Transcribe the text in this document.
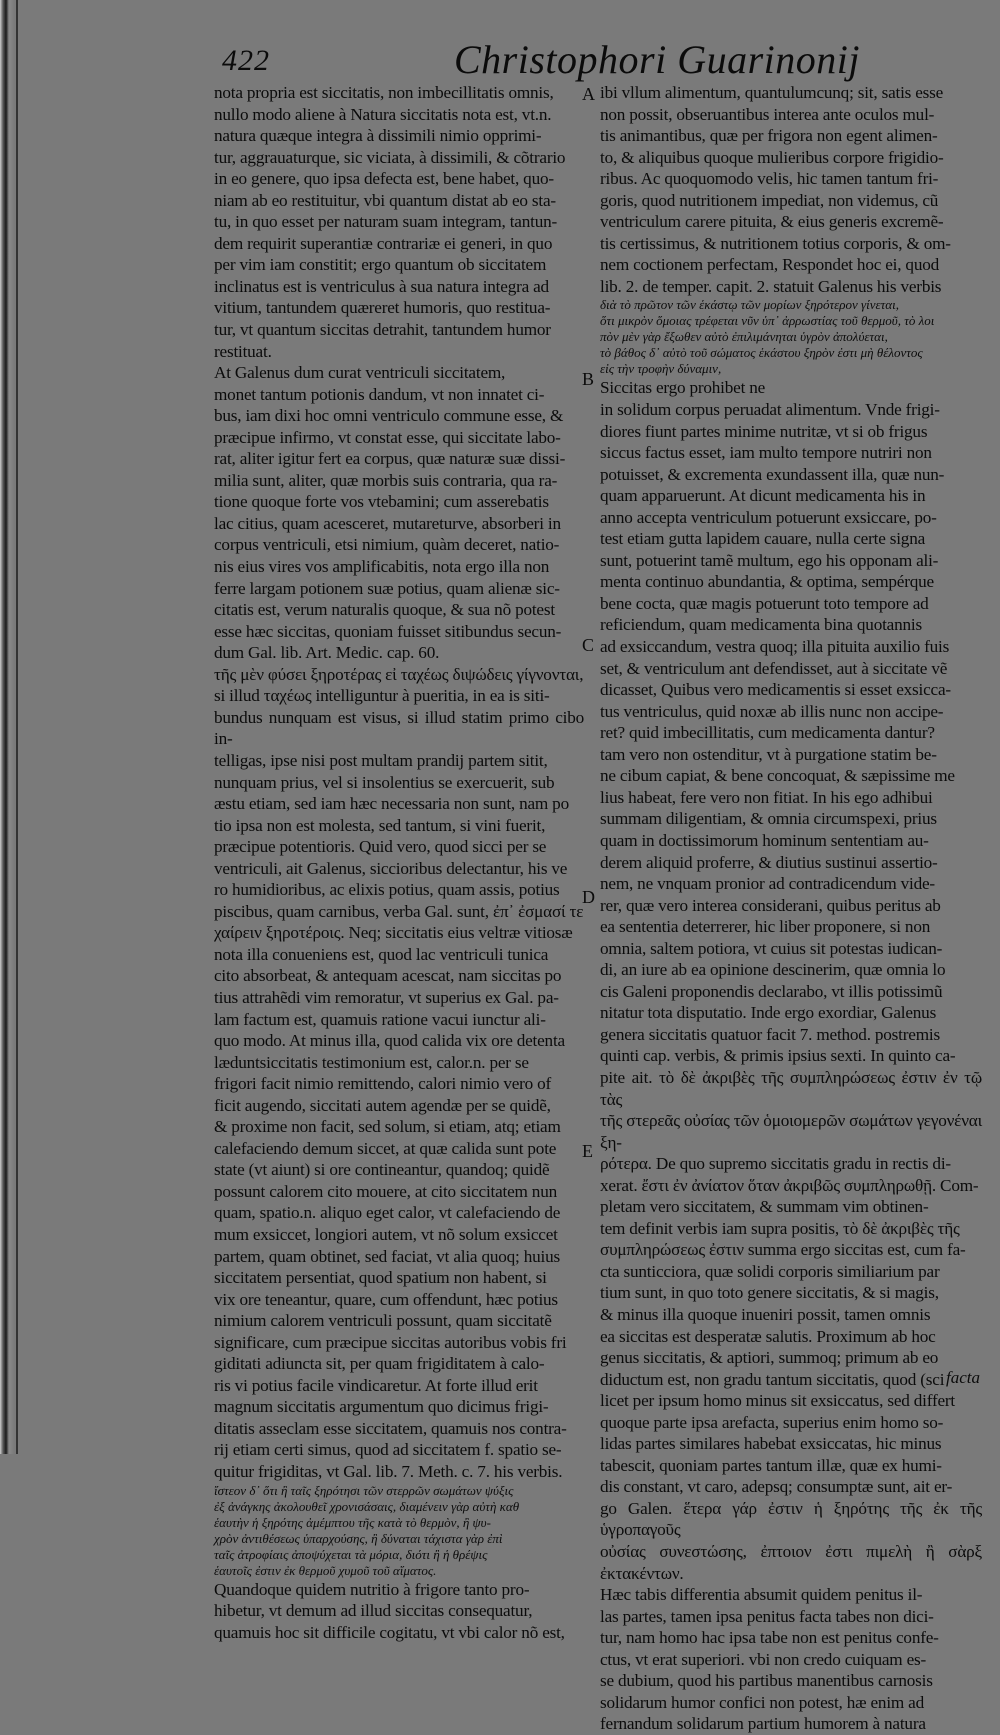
422	Christophori Guarinonij

nota propria est siccitatis, non imbecillitatis omnis,

nullo modo aliene à Natura siccitatis nota est, vt.n.

natura quæque integra à dissimili nimio opprimi-

tur, aggrauaturque, sic viciata, à dissimili, & cõtrario

in eo genere, quo ipsa defecta est, bene habet, quo-

niam ab eo restituitur, vbi quantum distat ab eo sta-

tu, in quo esset per naturam suam integram, tantun-

dem requirit superantiæ contrariæ ei generi, in quo

per vim iam constitit; ergo quantum ob siccitatem

inclinatus est is ventriculus à sua natura integra ad

vitium, tantundem quæreret humoris, quo restitua-

tur, vt quantum siccitas detrahit, tantundem humor

restituat.

At Galenus dum curat ventriculi siccitatem,

monet tantum potionis dandum, vt non innatet ci-

bus, iam dixi hoc omni ventriculo commune esse, &

præcipue infirmo, vt constat esse, qui siccitate labo-

rat, aliter igitur fert ea corpus, quæ naturæ suæ dissi-

milia sunt, aliter, quæ morbis suis contraria, qua ra-

tione quoque forte vos vtebamini; cum asserebatis

lac citius, quam acesceret, mutareturve, absorberi in

corpus ventriculi, etsi nimium, quàm deceret, natio-

nis eius vires vos amplificabitis, nota ergo illa non

ferre largam potionem suæ potius, quam alienæ sic-

citatis est, verum naturalis quoque, & sua nõ potest

esse hæc siccitas, quoniam fuisset sitibundus secun-

dum Gal. lib. Art. Medic. cap. 60.

τῆς μὲν φύσει ξηροτέρας εἰ ταχέως διψώδεις γίγνονται,

si illud ταχέως intelliguntur à pueritia, in ea is siti-

bundus nunquam est visus, si illud statim primo cibo in-

telligas, ipse nisi post multam prandij partem sitit,

nunquam prius, vel si insolentius se exercuerit, sub

æstu etiam, sed iam hæc necessaria non sunt, nam po

tio ipsa non est molesta, sed tantum, si vini fuerit,

præcipue potentioris. Quid vero, quod sicci per se

ventriculi, ait Galenus, siccioribus delectantur, his ve

ro humidioribus, ac elixis potius, quam assis, potius

piscibus, quam carnibus, verba Gal. sunt, ἐπ᾽ ἐσμασί τε

χαίρειν ξηροτέροις. Neq; siccitatis eius veltræ vitiosæ

nota illa conueniens est, quod lac ventriculi tunica

cito absorbeat, & antequam acescat, nam siccitas po

tius attrahẽdi vim remoratur, vt superius ex Gal. pa-

lam factum est, quamuis ratione vacui iunctur ali-

quo modo. At minus illa, quod calida vix ore detenta

læduntsiccitatis testimonium est, calor.n. per se

frigori facit nimio remittendo, calori nimio vero of

ficit augendo, siccitati autem agendæ per se quidẽ,

& proxime non facit, sed solum, si etiam, atq; etiam

calefaciendo demum siccet, at quæ calida sunt pote

state (vt aiunt) si ore contineantur, quandoq; quidẽ

possunt calorem cito mouere, at cito siccitatem nun

quam, spatio.n. aliquo eget calor, vt calefaciendo de

mum exsiccet, longiori autem, vt nõ solum exsiccet

partem, quam obtinet, sed faciat, vt alia quoq; huius

siccitatem persentiat, quod spatium non habent, si

vix ore teneantur, quare, cum offendunt, hæc potius

nimium calorem ventriculi possunt, quam siccitatẽ

significare, cum præcipue siccitas autoribus vobis fri

giditati adiuncta sit, per quam frigiditatem à calo-

ris vi potius facile vindicaretur. At forte illud erit

magnum siccitatis argumentum quo dicimus frigi-

ditatis asseclam esse siccitatem, quamuis nos contra-

rij etiam certi simus, quod ad siccitatem f. spatio se-

quitur frigiditas, vt Gal. lib. 7. Meth. c. 7. his verbis.

ἴστεον δ᾽ ὅτι ἢ ταῖς ξηρότησι τῶν στερρῶν σωμάτων ψύξις

ἐξ ἀνάγκης ἀκολουθεῖ χρονισάσαις, διαμένειν γὰρ αὐτὴ καθ

ἑαυτὴν ἡ ξηρότης ἀμέμπτου τῆς κατὰ τὸ θερμὸν, ἢ ψυ-

χρὸν ἀντιθέσεως ὑπαρχούσης, ἢ δύναται τάχιστα γὰρ ἐπὶ

ταῖς ἀτροφίαις ἀποψύχεται τὰ μόρια, διότι ἢ ἡ θρέψις

ἑαυτοῖς ἐστιν ἐκ θερμοῦ χυμοῦ τοῦ αἵματος.

Quandoque quidem nutritio à frigore tanto pro-

hibetur, vt demum ad illud siccitas consequatur,

quamuis hoc sit difficile cogitatu, vt vbi calor nõ est,

A
B
C
D
E

ibi vllum alimentum, quantulumcunq; sit, satis esse

non possit, obseruantibus interea ante oculos mul-

tis animantibus, quæ per frigora non egent alimen-

to, & aliquibus quoque mulieribus corpore frigidio-

ribus. Ac quoquomodo velis, hic tamen tantum fri-

goris, quod nutritionem impediat, non videmus, cũ

ventriculum carere pituita, & eius generis excremẽ-

tis certissimus, & nutritionem totius corporis, & om-

nem coctionem perfectam, Respondet hoc ei, quod

lib. 2. de temper. capit. 2. statuit Galenus his verbis

διὰ τὸ πρῶτον τῶν ἑκάστῳ τῶν μορίων ξηρότερον γίνεται,

ὅτι μικρὸν ὅμοιας τρέφεται νῦν ὑπ᾽ ἀρρωστίας τοῦ θερμοῦ, τὸ λοι

πὸν μὲν γὰρ ἔξωθεν αὐτὸ ἐπιλιμάνηται ὑγρὸν ἀπολύεται,

τὸ βάθος δ᾽ αὐτὸ τοῦ σώματος ἑκάστου ξηρὸν ἐστι μὴ θέλοντος

εἰς τὴν τροφὴν δύναμιν,

Siccitas ergo prohibet ne

in solidum corpus peruadat alimentum. Vnde frigi-

diores fiunt partes minime nutritæ, vt si ob frigus

siccus factus esset, iam multo tempore nutriri non

potuisset, & excrementa exundassent illa, quæ nun-

quam apparuerunt. At dicunt medicamenta his in

anno accepta ventriculum potuerunt exsiccare, po-

test etiam gutta lapidem cauare, nulla certe signa

sunt, potuerint tamẽ multum, ego his opponam ali-

menta continuo abundantia, & optima, sempérque

bene cocta, quæ magis potuerunt toto tempore ad

reficiendum, quam medicamenta bina quotannis

ad exsiccandum, vestra quoq; illa pituita auxilio fuis

set, & ventriculum ant defendisset, aut à siccitate vẽ

dicasset, Quibus vero medicamentis si esset exsicca-

tus ventriculus, quid noxæ ab illis nunc non accipe-

ret? quid imbecillitatis, cum medicamenta dantur?

tam vero non ostenditur, vt à purgatione statim be-

ne cibum capiat, & bene concoquat, & sæpissime me

lius habeat, fere vero non fitiat. In his ego adhibui

summam diligentiam, & omnia circumspexi, prius

quam in doctissimorum hominum sententiam au-

derem aliquid proferre, & diutius sustinui assertio-

nem, ne vnquam pronior ad contradicendum vide-

rer, quæ vero interea considerani, quibus peritus ab

ea sententia deterrerer, hic liber proponere, si non

omnia, saltem potiora, vt cuius sit potestas iudican-

di, an iure ab ea opinione descinerim, quæ omnia lo

cis Galeni proponendis declarabo, vt illis potissimũ

nitatur tota disputatio. Inde ergo exordiar, Galenus

genera siccitatis quatuor facit 7. method. postremis

quinti cap. verbis, & primis ipsius sexti. In quinto ca-

pite ait. τὸ δὲ ἀκριβὲς τῆς συμπληρώσεως ἐστιν ἐν τῷ τὰς

τῆς στερεᾶς οὐσίας τῶν ὁμοιομερῶν σωμάτων γεγονέναι ξη-

ρότερα. De quo supremo siccitatis gradu in rectis di-

xerat. ἔστι ἐν ἀνίατον ὅταν ἀκριβῶς συμπληρωθῇ. Com-

pletam vero siccitatem, & summam vim obtinen-

tem definit verbis iam supra positis, τὸ δὲ ἀκριβὲς τῆς

συμπληρώσεως ἐστιν summa ergo siccitas est, cum fa-

cta sunticciora, quæ solidi corporis similiarium par

tium sunt, in quo toto genere siccitatis, & si magis,

& minus illa quoque inueniri possit, tamen omnis

ea siccitas est desperatæ salutis. Proximum ab hoc

genus siccitatis, & aptiori, summoq; primum ab eo

diductum est, non gradu tantum siccitatis, quod (sci

licet per ipsum homo minus sit exsiccatus, sed differt

quoque parte ipsa arefacta, superius enim homo so-

lidas partes similares habebat exsiccatas, hic minus

tabescit, quoniam partes tantum illæ, quæ ex humi-

dis constant, vt caro, adepsq; consumptæ sunt, ait er-

go Galen. ἕτερα γάρ ἐστιν ἡ ξηρότης τῆς ἐκ τῆς ὑγροπαγοῦς

οὐσίας συνεστώσης, ἐπτοιον ἐστι πιμελὴ ἢ σὰρξ ἐκτακέντων.

Hæc tabis differentia absumit quidem penitus il-

las partes, tamen ipsa penitus facta tabes non dici-

tur, nam homo hac ipsa tabe non est penitus confe-

ctus, vt erat superiori. vbi non credo cuiquam es-

se dubium, quod his partibus manentibus carnosis

solidarum humor confici non potest, hæ enim ad

fernandum solidarum partium humorem à natura

facta
